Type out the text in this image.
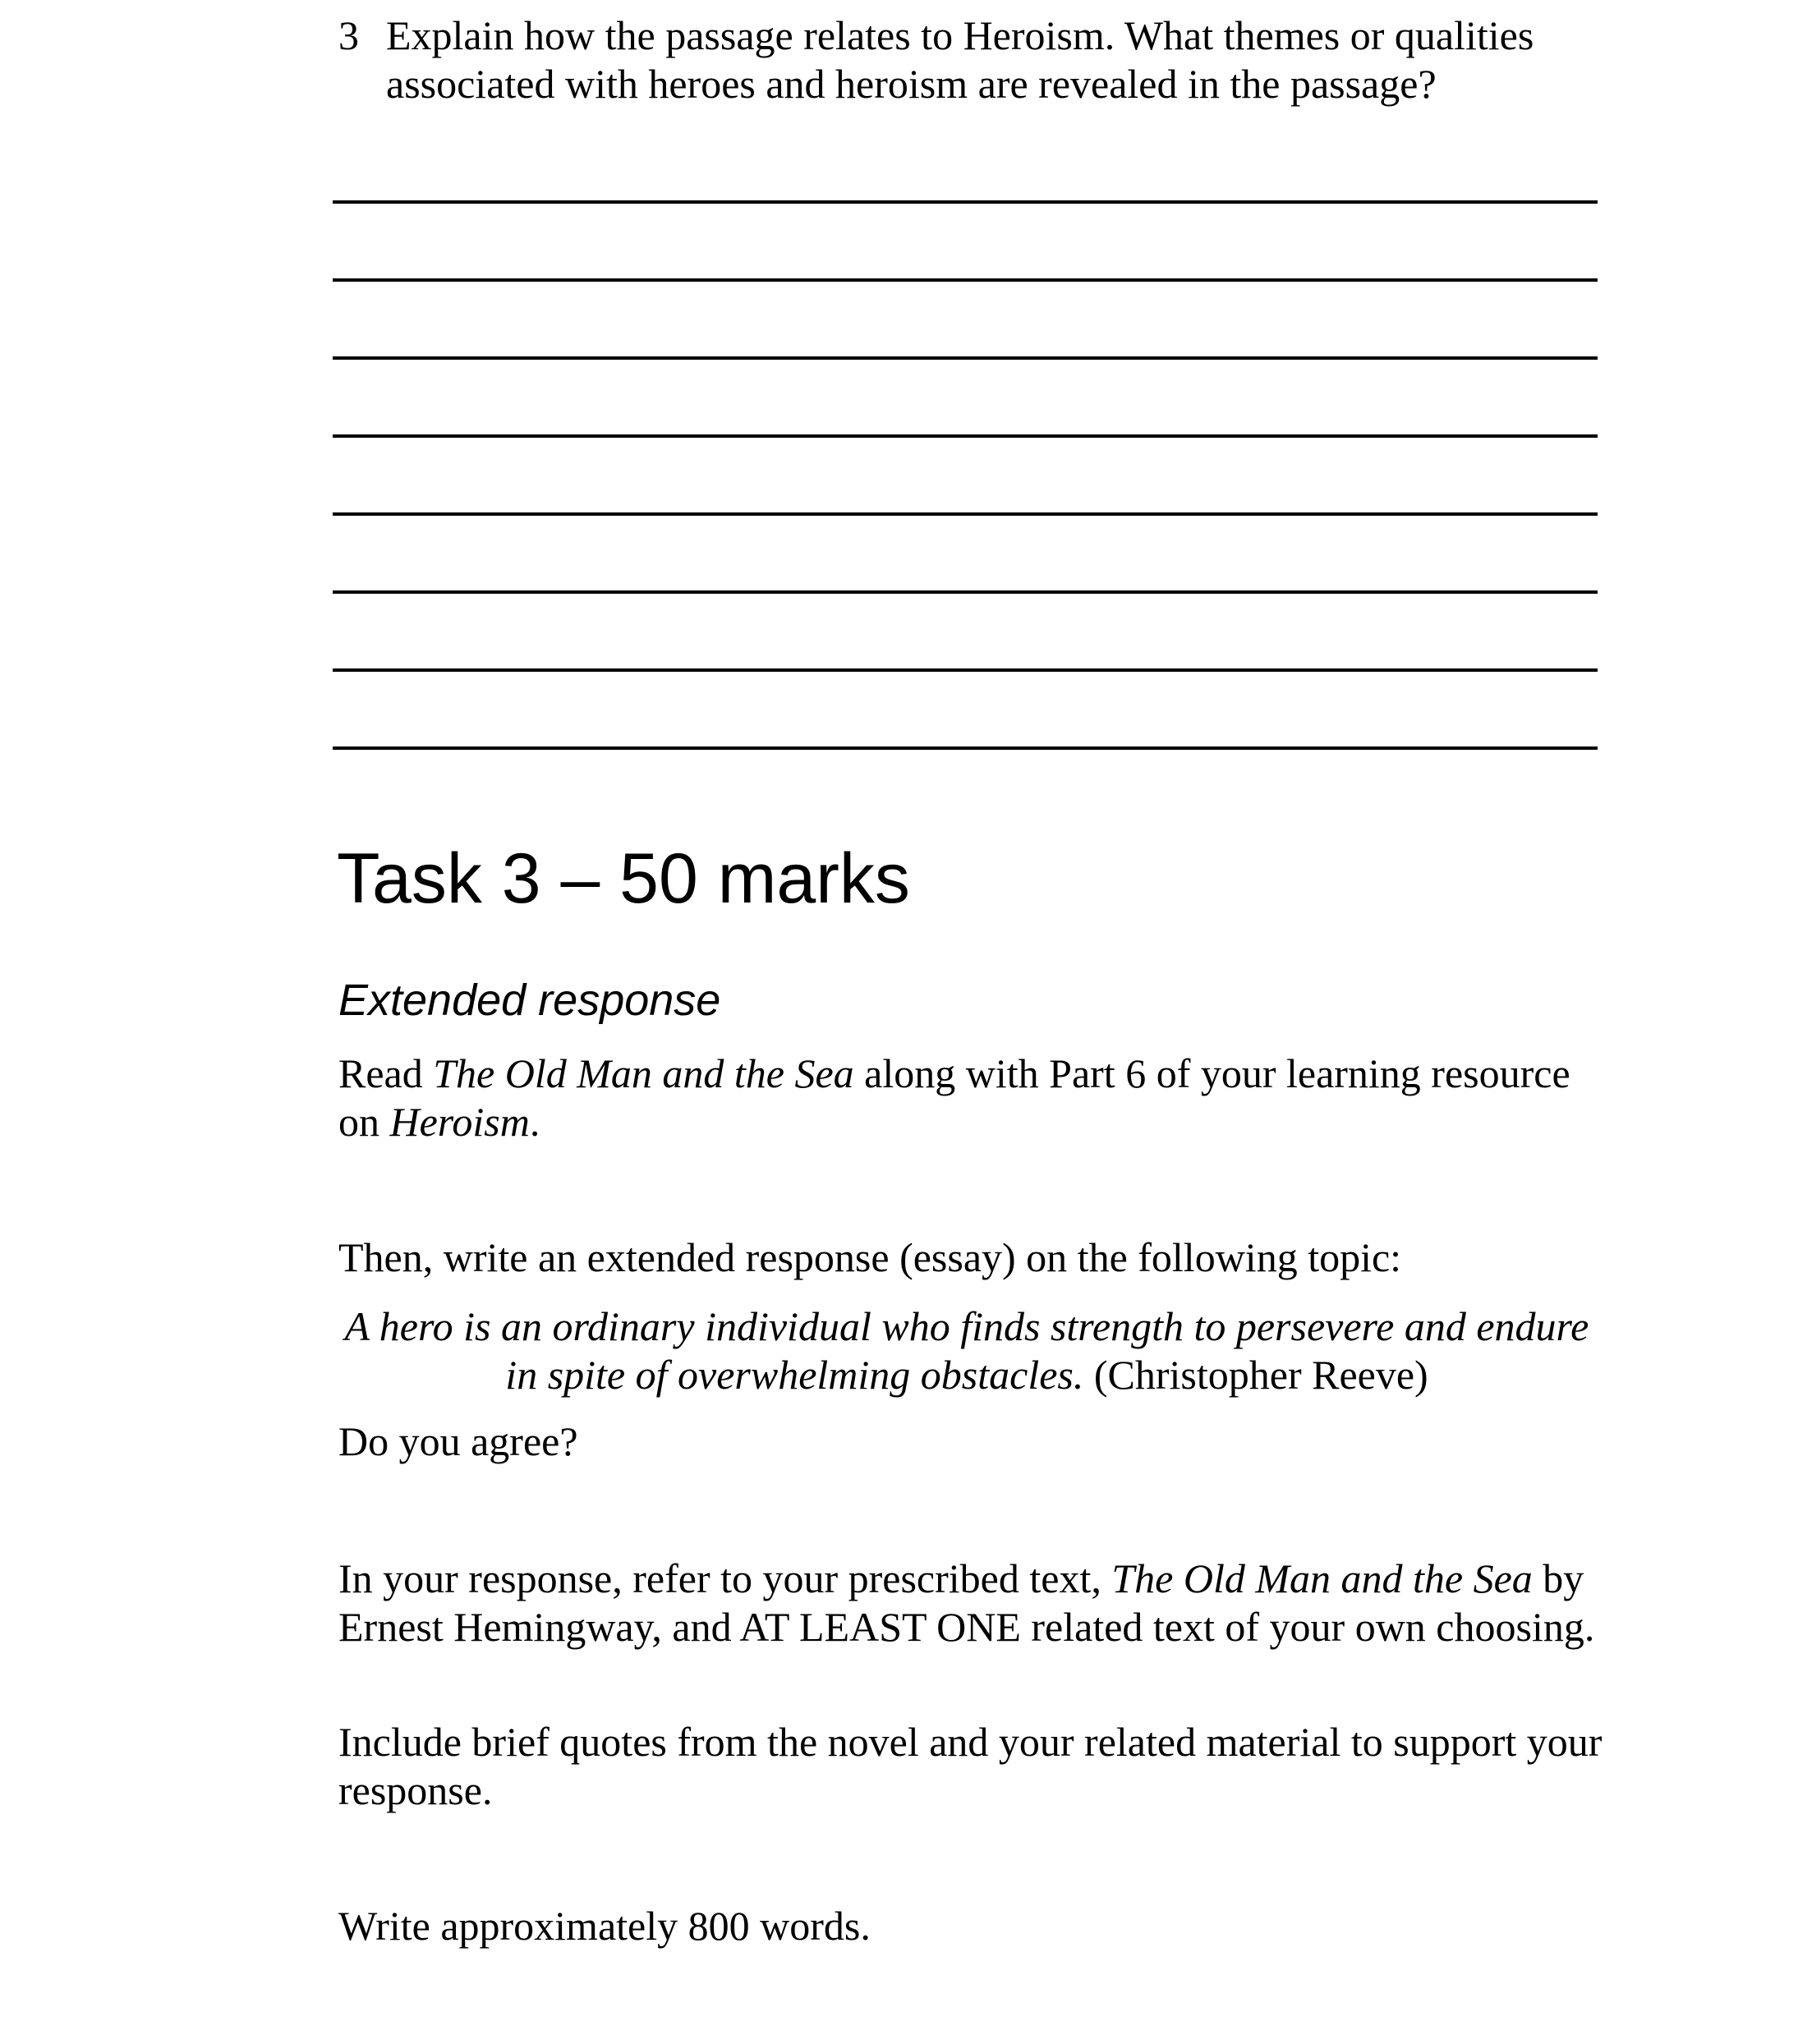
3 Explain how the passage relates to Heroism. What themes or qualities associated with heroes and heroism are revealed in the passage?
Task 3 – 50 marks
Extended response
Read The Old Man and the Sea along with Part 6 of your learning resource on Heroism.
Then, write an extended response (essay) on the following topic:
A hero is an ordinary individual who finds strength to persevere and endure in spite of overwhelming obstacles. (Christopher Reeve)
Do you agree?
In your response, refer to your prescribed text, The Old Man and the Sea by Ernest Hemingway, and AT LEAST ONE related text of your own choosing.
Include brief quotes from the novel and your related material to support your response.
Write approximately 800 words.
